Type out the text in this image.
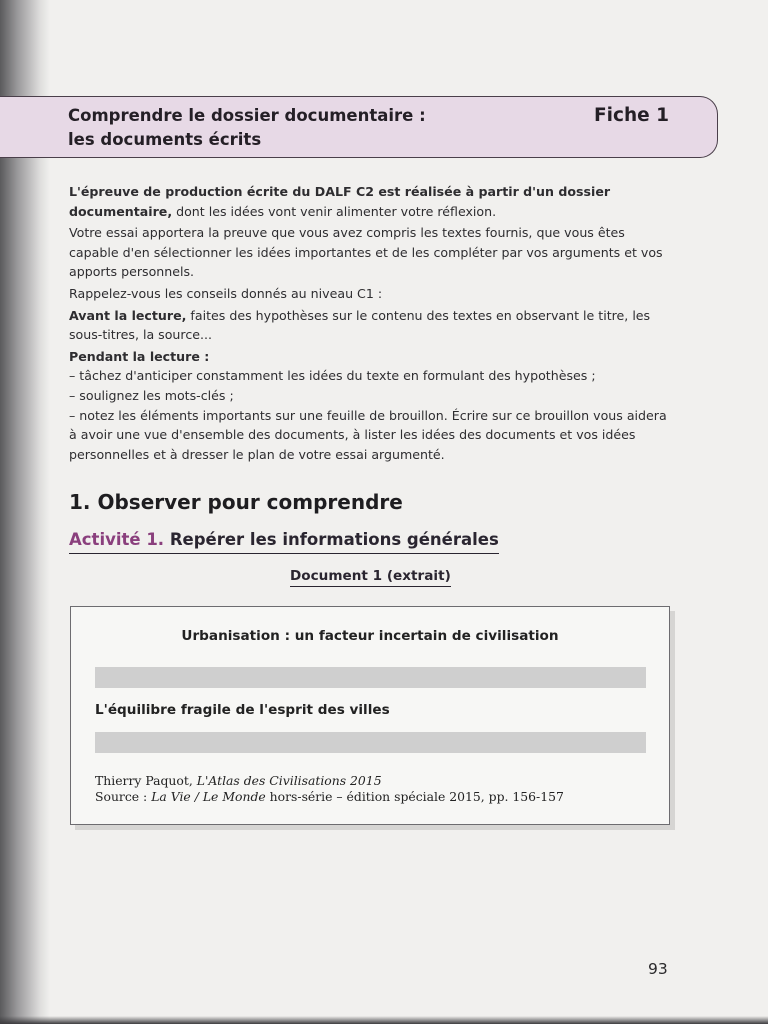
Comprendre le dossier documentaire :
les documents écrits
Fiche 1

L'épreuve de production écrite du DALF C2 est réalisée à partir d'un dossier documentaire, dont les idées vont venir alimenter votre réflexion.

Votre essai apportera la preuve que vous avez compris les textes fournis, que vous êtes capable d'en sélectionner les idées importantes et de les compléter par vos arguments et vos apports personnels.

Rappelez-vous les conseils donnés au niveau C1 :

Avant la lecture, faites des hypothèses sur le contenu des textes en observant le titre, les sous-titres, la source...

Pendant la lecture :
– tâchez d'anticiper constamment les idées du texte en formulant des hypothèses ;
– soulignez les mots-clés ;
– notez les éléments importants sur une feuille de brouillon. Écrire sur ce brouillon vous aidera à avoir une vue d'ensemble des documents, à lister les idées des documents et vos idées personnelles et à dresser le plan de votre essai argumenté.
1. Observer pour comprendre
Activité 1. Repérer les informations générales
Document 1 (extrait)
Urbanisation : un facteur incertain de civilisation
L'équilibre fragile de l'esprit des villes
Thierry Paquot, L'Atlas des Civilisations 2015
Source : La Vie / Le Monde hors-série – édition spéciale 2015, pp. 156-157
93
